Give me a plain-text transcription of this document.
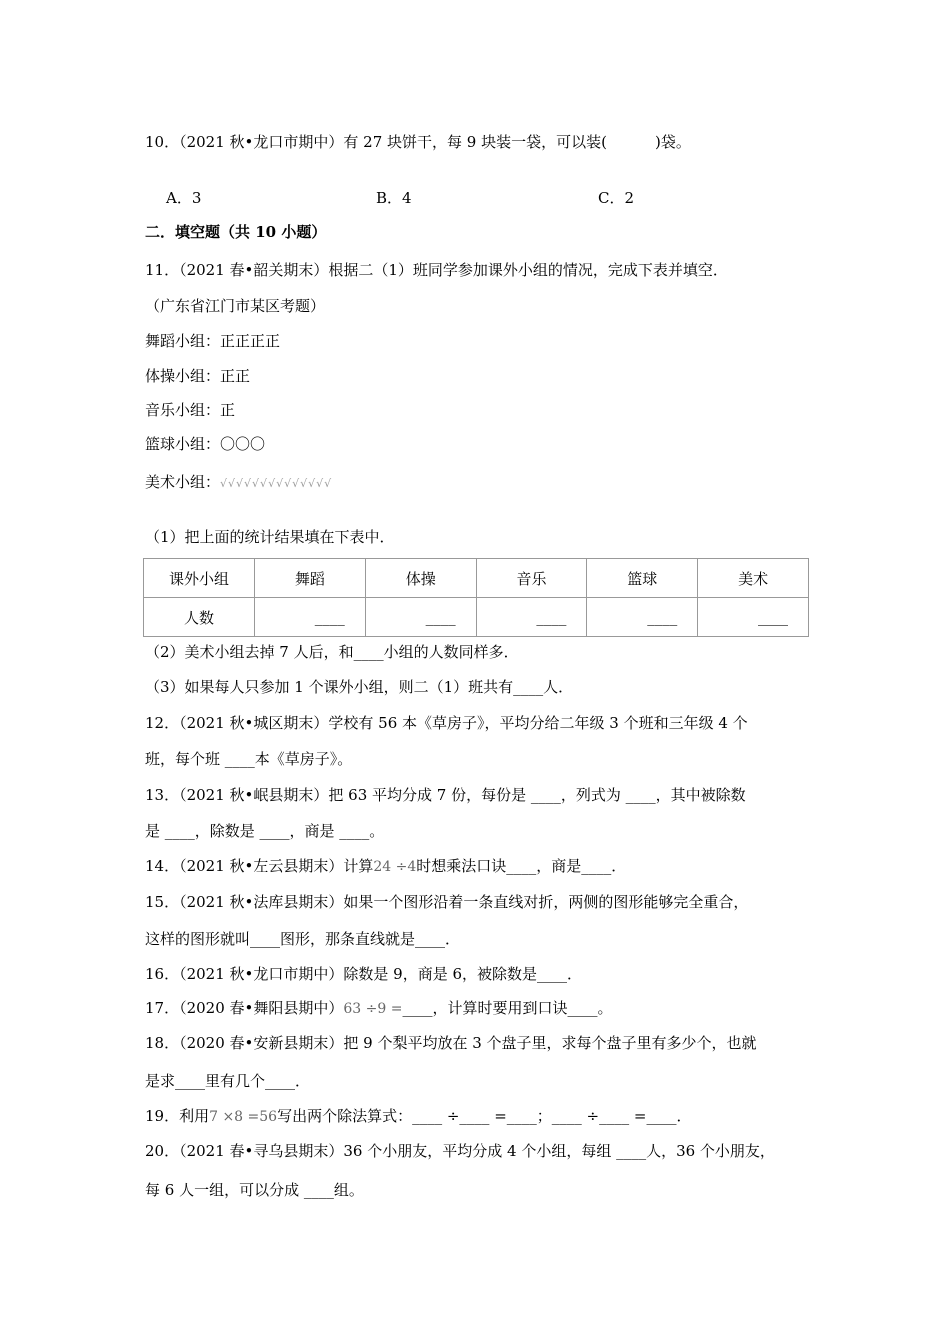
10．（2021 秋•龙口市期中）有 27 块饼干，每 9 块装一袋，可以装(	)袋。
A．3	B．4	C．2
二．填空题（共 10 小题）
11．（2021 春•韶关期末）根据二（1）班同学参加课外小组的情况，完成下表并填空．
（广东省江门市某区考题）
舞蹈小组：正正正正
体操小组：正正
音乐小组：正
篮球小组：〇〇〇
美术小组：√√√√√√√√√√√√√√
（1）把上面的统计结果填在下表中．
课外小组	舞蹈	体操	音乐	篮球	美术
人数	____	____	____	____	____
（2）美术小组去掉 7 人后，和____小组的人数同样多．
（3）如果每人只参加 1 个课外小组，则二（1）班共有____人．
12．（2021 秋•城区期末）学校有 56 本《草房子》，平均分给二年级 3 个班和三年级 4 个
班，每个班 ____本《草房子》。
13．（2021 秋•岷县期末）把 63 平均分成 7 份，每份是 ____，列式为 ____，其中被除数
是 ____，除数是 ____，商是 ____。
14．（2021 秋•左云县期末）计算24 ÷4时想乘法口诀____，商是____．
15．（2021 秋•法库县期末）如果一个图形沿着一条直线对折，两侧的图形能够完全重合，
这样的图形就叫____图形，那条直线就是____．
16．（2021 秋•龙口市期中）除数是 9，商是 6，被除数是____．
17．（2020 春•舞阳县期中）63 ÷9 =____，计算时要用到口诀____。
18．（2020 春•安新县期末）把 9 个梨平均放在 3 个盘子里，求每个盘子里有多少个，也就
是求____里有几个____．
19．利用7 ×8 =56写出两个除法算式：____ ÷____ =____；____ ÷____ =____．
20．（2021 春•寻乌县期末）36 个小朋友，平均分成 4 个小组，每组 ____人，36 个小朋友，
每 6 人一组，可以分成 ____组。
